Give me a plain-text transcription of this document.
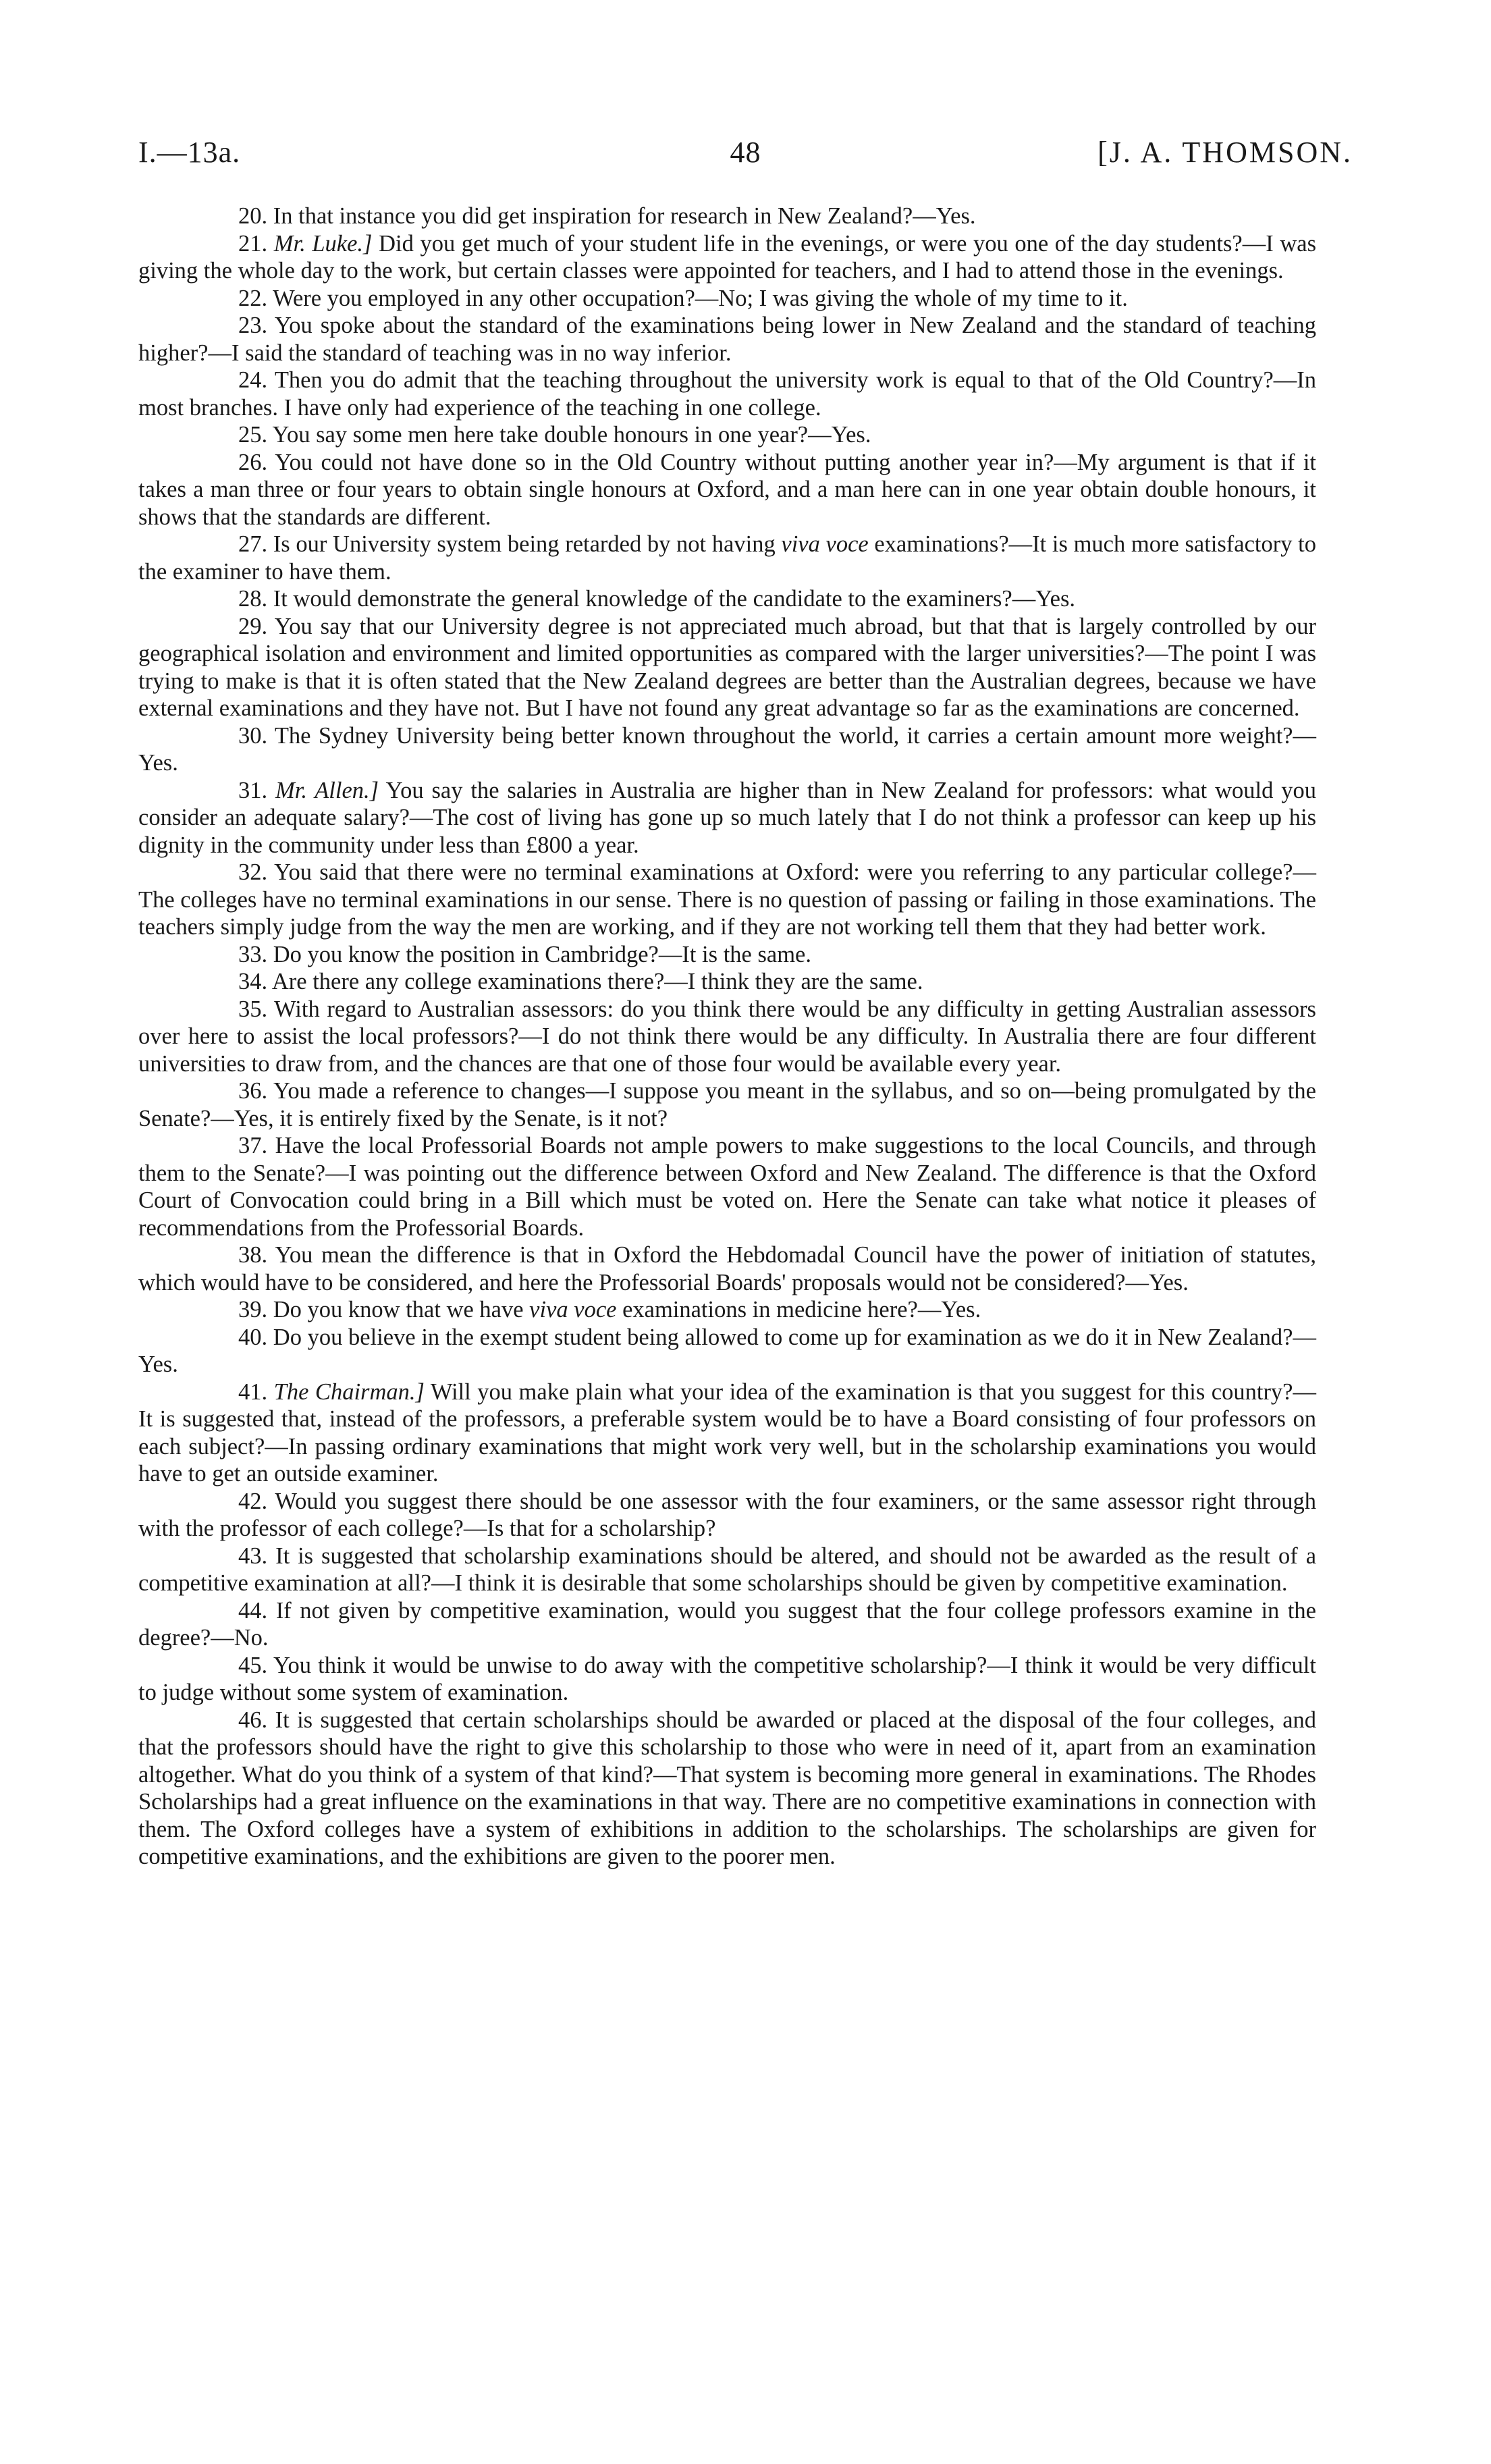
I.—13a.	48	[J. A. THOMSON.

20. In that instance you did get inspiration for research in New Zealand?—Yes.

21. Mr. Luke.] Did you get much of your student life in the evenings, or were you one of the day students?—I was giving the whole day to the work, but certain classes were appointed for teachers, and I had to attend those in the evenings.

22. Were you employed in any other occupation?—No; I was giving the whole of my time to it.

23. You spoke about the standard of the examinations being lower in New Zealand and the standard of teaching higher?—I said the standard of teaching was in no way inferior.

24. Then you do admit that the teaching throughout the university work is equal to that of the Old Country?—In most branches. I have only had experience of the teaching in one college.

25. You say some men here take double honours in one year?—Yes.

26. You could not have done so in the Old Country without putting another year in?—My argument is that if it takes a man three or four years to obtain single honours at Oxford, and a man here can in one year obtain double honours, it shows that the standards are different.

27. Is our University system being retarded by not having viva voce examinations?—It is much more satisfactory to the examiner to have them.

28. It would demonstrate the general knowledge of the candidate to the examiners?—Yes.

29. You say that our University degree is not appreciated much abroad, but that that is largely controlled by our geographical isolation and environment and limited opportunities as compared with the larger universities?—The point I was trying to make is that it is often stated that the New Zealand degrees are better than the Australian degrees, because we have external examinations and they have not. But I have not found any great advantage so far as the examinations are concerned.

30. The Sydney University being better known throughout the world, it carries a certain amount more weight?—Yes.

31. Mr. Allen.] You say the salaries in Australia are higher than in New Zealand for professors: what would you consider an adequate salary?—The cost of living has gone up so much lately that I do not think a professor can keep up his dignity in the community under less than £800 a year.

32. You said that there were no terminal examinations at Oxford: were you referring to any particular college?—The colleges have no terminal examinations in our sense. There is no question of passing or failing in those examinations. The teachers simply judge from the way the men are working, and if they are not working tell them that they had better work.

33. Do you know the position in Cambridge?—It is the same.

34. Are there any college examinations there?—I think they are the same.

35. With regard to Australian assessors: do you think there would be any difficulty in getting Australian assessors over here to assist the local professors?—I do not think there would be any difficulty. In Australia there are four different universities to draw from, and the chances are that one of those four would be available every year.

36. You made a reference to changes—I suppose you meant in the syllabus, and so on—being promulgated by the Senate?—Yes, it is entirely fixed by the Senate, is it not?

37. Have the local Professorial Boards not ample powers to make suggestions to the local Councils, and through them to the Senate?—I was pointing out the difference between Oxford and New Zealand. The difference is that the Oxford Court of Convocation could bring in a Bill which must be voted on. Here the Senate can take what notice it pleases of recommendations from the Professorial Boards.

38. You mean the difference is that in Oxford the Hebdomadal Council have the power of initiation of statutes, which would have to be considered, and here the Professorial Boards' proposals would not be considered?—Yes.

39. Do you know that we have viva voce examinations in medicine here?—Yes.

40. Do you believe in the exempt student being allowed to come up for examination as we do it in New Zealand?—Yes.

41. The Chairman.] Will you make plain what your idea of the examination is that you suggest for this country?—It is suggested that, instead of the professors, a preferable system would be to have a Board consisting of four professors on each subject?—In passing ordinary examinations that might work very well, but in the scholarship examinations you would have to get an outside examiner.

42. Would you suggest there should be one assessor with the four examiners, or the same assessor right through with the professor of each college?—Is that for a scholarship?

43. It is suggested that scholarship examinations should be altered, and should not be awarded as the result of a competitive examination at all?—I think it is desirable that some scholarships should be given by competitive examination.

44. If not given by competitive examination, would you suggest that the four college professors examine in the degree?—No.

45. You think it would be unwise to do away with the competitive scholarship?—I think it would be very difficult to judge without some system of examination.

46. It is suggested that certain scholarships should be awarded or placed at the disposal of the four colleges, and that the professors should have the right to give this scholarship to those who were in need of it, apart from an examination altogether. What do you think of a system of that kind?—That system is becoming more general in examinations. The Rhodes Scholarships had a great influence on the examinations in that way. There are no competitive examinations in connection with them. The Oxford colleges have a system of exhibitions in addition to the scholarships. The scholarships are given for competitive examinations, and the exhibitions are given to the poorer men.
